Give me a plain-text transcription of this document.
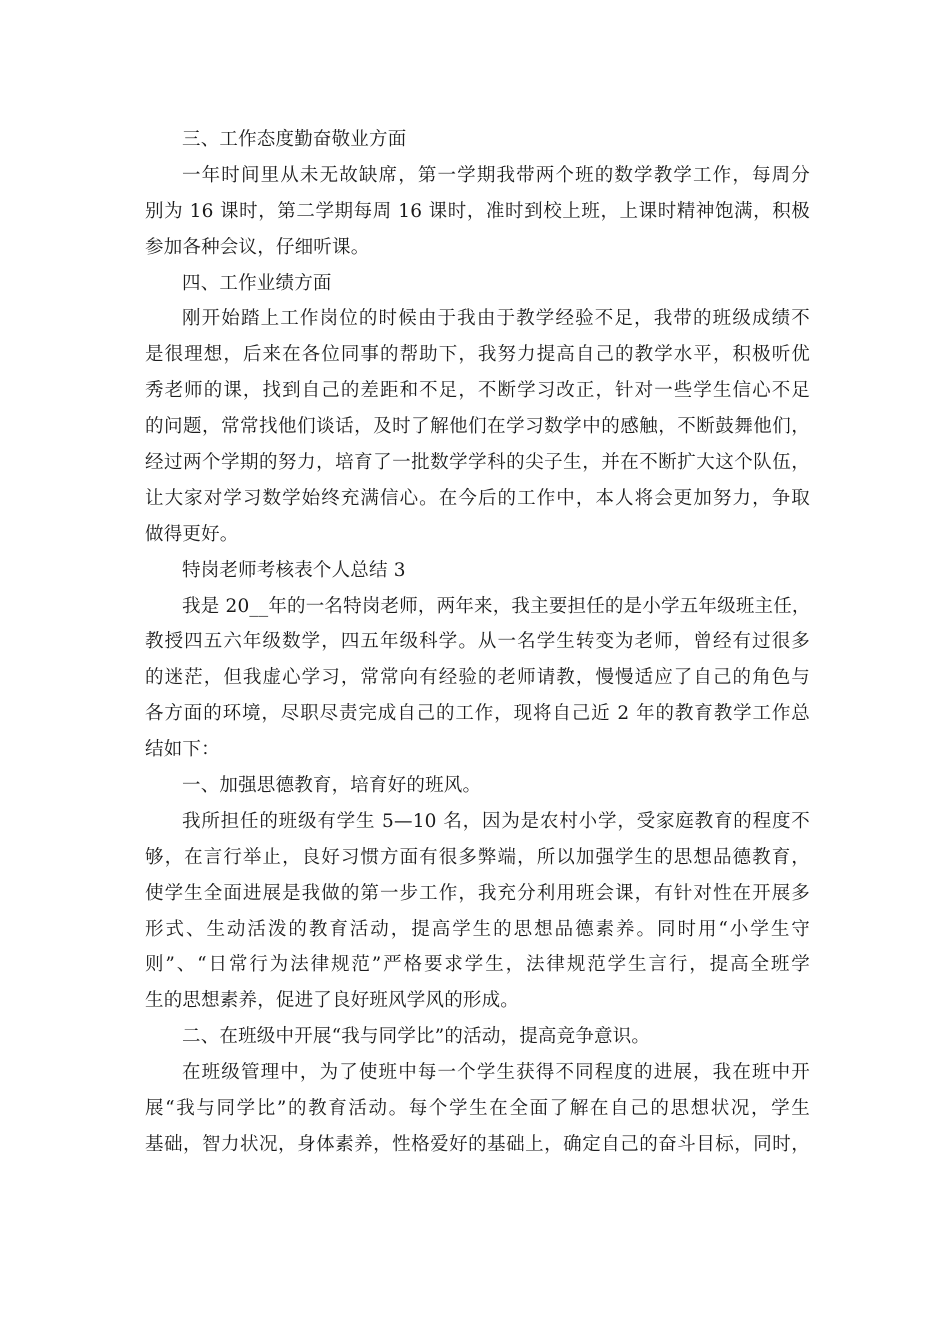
三、工作态度勤奋敬业方面
一年时间里从未无故缺席，第一学期我带两个班的数学教学工作，每周分
别为 16 课时，第二学期每周 16 课时，准时到校上班，上课时精神饱满，积极
参加各种会议，仔细听课。
四、工作业绩方面
刚开始踏上工作岗位的时候由于我由于教学经验不足，我带的班级成绩不
是很理想，后来在各位同事的帮助下，我努力提高自己的教学水平，积极听优
秀老师的课，找到自己的差距和不足，不断学习改正，针对一些学生信心不足
的问题，常常找他们谈话，及时了解他们在学习数学中的感触，不断鼓舞他们，
经过两个学期的努力，培育了一批数学学科的尖子生，并在不断扩大这个队伍，
让大家对学习数学始终充满信心。在今后的工作中，本人将会更加努力，争取
做得更好。
特岗老师考核表个人总结 3
我是 20__年的一名特岗老师，两年来，我主要担任的是小学五年级班主任，
教授四五六年级数学，四五年级科学。从一名学生转变为老师，曾经有过很多
的迷茫，但我虚心学习，常常向有经验的老师请教，慢慢适应了自己的角色与
各方面的环境，尽职尽责完成自己的工作，现将自己近 2 年的教育教学工作总
结如下：
一、加强思德教育，培育好的班风。
我所担任的班级有学生 5—10 名，因为是农村小学，受家庭教育的程度不
够，在言行举止，良好习惯方面有很多弊端，所以加强学生的思想品德教育，
使学生全面进展是我做的第一步工作，我充分利用班会课，有针对性在开展多
形式、生动活泼的教育活动，提高学生的思想品德素养。同时用“小学生守
则”、“日常行为法律规范”严格要求学生，法律规范学生言行，提高全班学
生的思想素养，促进了良好班风学风的形成。
二、在班级中开展“我与同学比”的活动，提高竞争意识。
在班级管理中，为了使班中每一个学生获得不同程度的进展，我在班中开
展“我与同学比”的教育活动。每个学生在全面了解在自己的思想状况，学生
基础，智力状况，身体素养，性格爱好的基础上，确定自己的奋斗目标，同时，
